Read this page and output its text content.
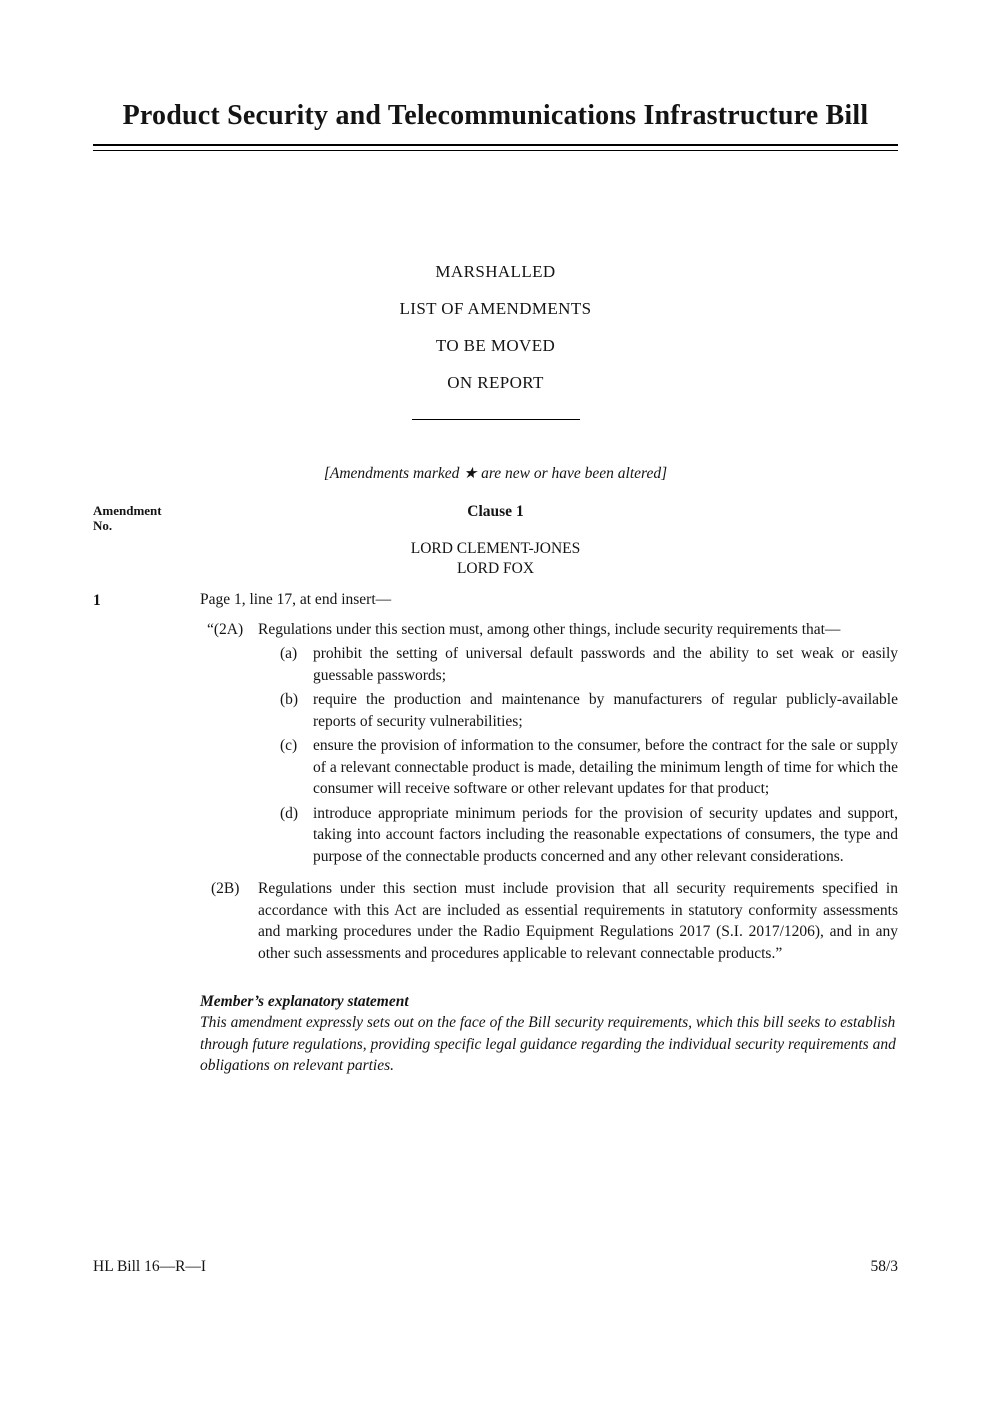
Product Security and Telecommunications Infrastructure Bill
MARSHALLED
LIST OF AMENDMENTS
TO BE MOVED
ON REPORT
[Amendments marked ★ are new or have been altered]
Amendment
No.
Clause 1
LORD CLEMENT-JONES
LORD FOX
1	Page 1, line 17, at end insert—
“(2A) Regulations under this section must, among other things, include security requirements that—
(a) prohibit the setting of universal default passwords and the ability to set weak or easily guessable passwords;
(b) require the production and maintenance by manufacturers of regular publicly-available reports of security vulnerabilities;
(c) ensure the provision of information to the consumer, before the contract for the sale or supply of a relevant connectable product is made, detailing the minimum length of time for which the consumer will receive software or other relevant updates for that product;
(d) introduce appropriate minimum periods for the provision of security updates and support, taking into account factors including the reasonable expectations of consumers, the type and purpose of the connectable products concerned and any other relevant considerations.
(2B) Regulations under this section must include provision that all security requirements specified in accordance with this Act are included as essential requirements in statutory conformity assessments and marking procedures under the Radio Equipment Regulations 2017 (S.I. 2017/1206), and in any other such assessments and procedures applicable to relevant connectable products.”
Member’s explanatory statement
This amendment expressly sets out on the face of the Bill security requirements, which this bill seeks to establish through future regulations, providing specific legal guidance regarding the individual security requirements and obligations on relevant parties.
HL Bill 16—R—I	58/3
